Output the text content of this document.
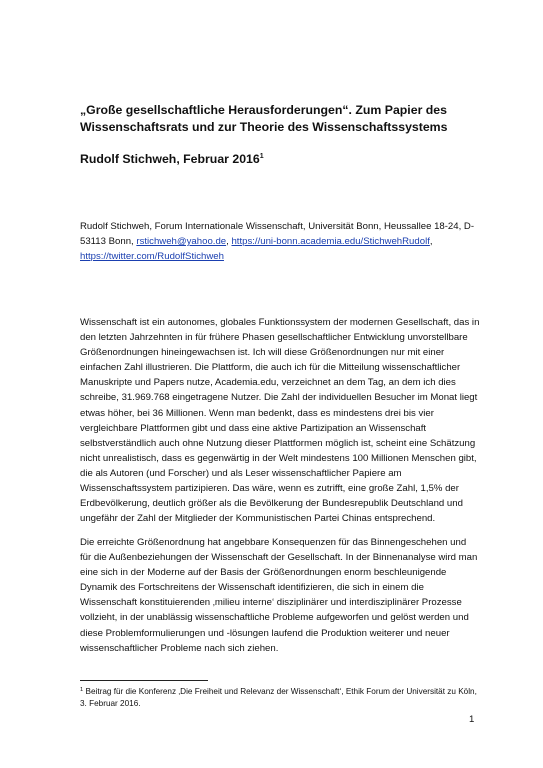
„Große gesellschaftliche Herausforderungen“. Zum Papier des Wissenschaftsrats und zur Theorie des Wissenschaftssystems
Rudolf Stichweh, Februar 2016$^1$
Rudolf Stichweh, Forum Internationale Wissenschaft, Universität Bonn, Heussallee 18-24, D-53113 Bonn, rstichweh@yahoo.de, https://uni-bonn.academia.edu/StichwehRudolf, https://twitter.com/RudolfStichweh

Wissenschaft ist ein autonomes, globales Funktionssystem der modernen Gesellschaft, das in den letzten Jahrzehnten in für frühere Phasen gesellschaftlicher Entwicklung unvorstellbare Größenordnungen hineingewachsen ist. Ich will diese Größenordnungen nur mit einer einfachen Zahl illustrieren. Die Plattform, die auch ich für die Mitteilung wissenschaftlicher Manuskripte und Papers nutze, Academia.edu, verzeichnet an dem Tag, an dem ich dies schreibe, 31.969.768 eingetragene Nutzer. Die Zahl der individuellen Besucher im Monat liegt etwas höher, bei 36 Millionen. Wenn man bedenkt, dass es mindestens drei bis vier vergleichbare Plattformen gibt und dass eine aktive Partizipation an Wissenschaft selbstverständlich auch ohne Nutzung dieser Plattformen möglich ist, scheint eine Schätzung nicht unrealistisch, dass es gegenwärtig in der Welt mindestens 100 Millionen Menschen gibt, die als Autoren (und Forscher) und als Leser wissenschaftlicher Papiere am Wissenschaftssystem partizipieren. Das wäre, wenn es zutrifft, eine große Zahl, 1,5% der Erdbevölkerung, deutlich größer als die Bevölkerung der Bundesrepublik Deutschland und ungefähr der Zahl der Mitglieder der Kommunistischen Partei Chinas entsprechend.

Die erreichte Größenordnung hat angebbare Konsequenzen für das Binnengeschehen und für die Außenbeziehungen der Wissenschaft der Gesellschaft. In der Binnenanalyse wird man eine sich in der Moderne auf der Basis der Größenordnungen enorm beschleunigende Dynamik des Fortschreitens der Wissenschaft identifizieren, die sich in einem die Wissenschaft konstituierenden ‚milieu interne‘ disziplinärer und interdisziplinärer Prozesse vollzieht, in der unablässig wissenschaftliche Probleme aufgeworfen und gelöst werden und diese Problemformulierungen und -lösungen laufend die Produktion weiterer und neuer wissenschaftlicher Probleme nach sich ziehen.

$^1$ Beitrag für die Konferenz ‚Die Freiheit und Relevanz der Wissenschaft‘, Ethik Forum der Universität zu Köln, 3. Februar 2016.
1
